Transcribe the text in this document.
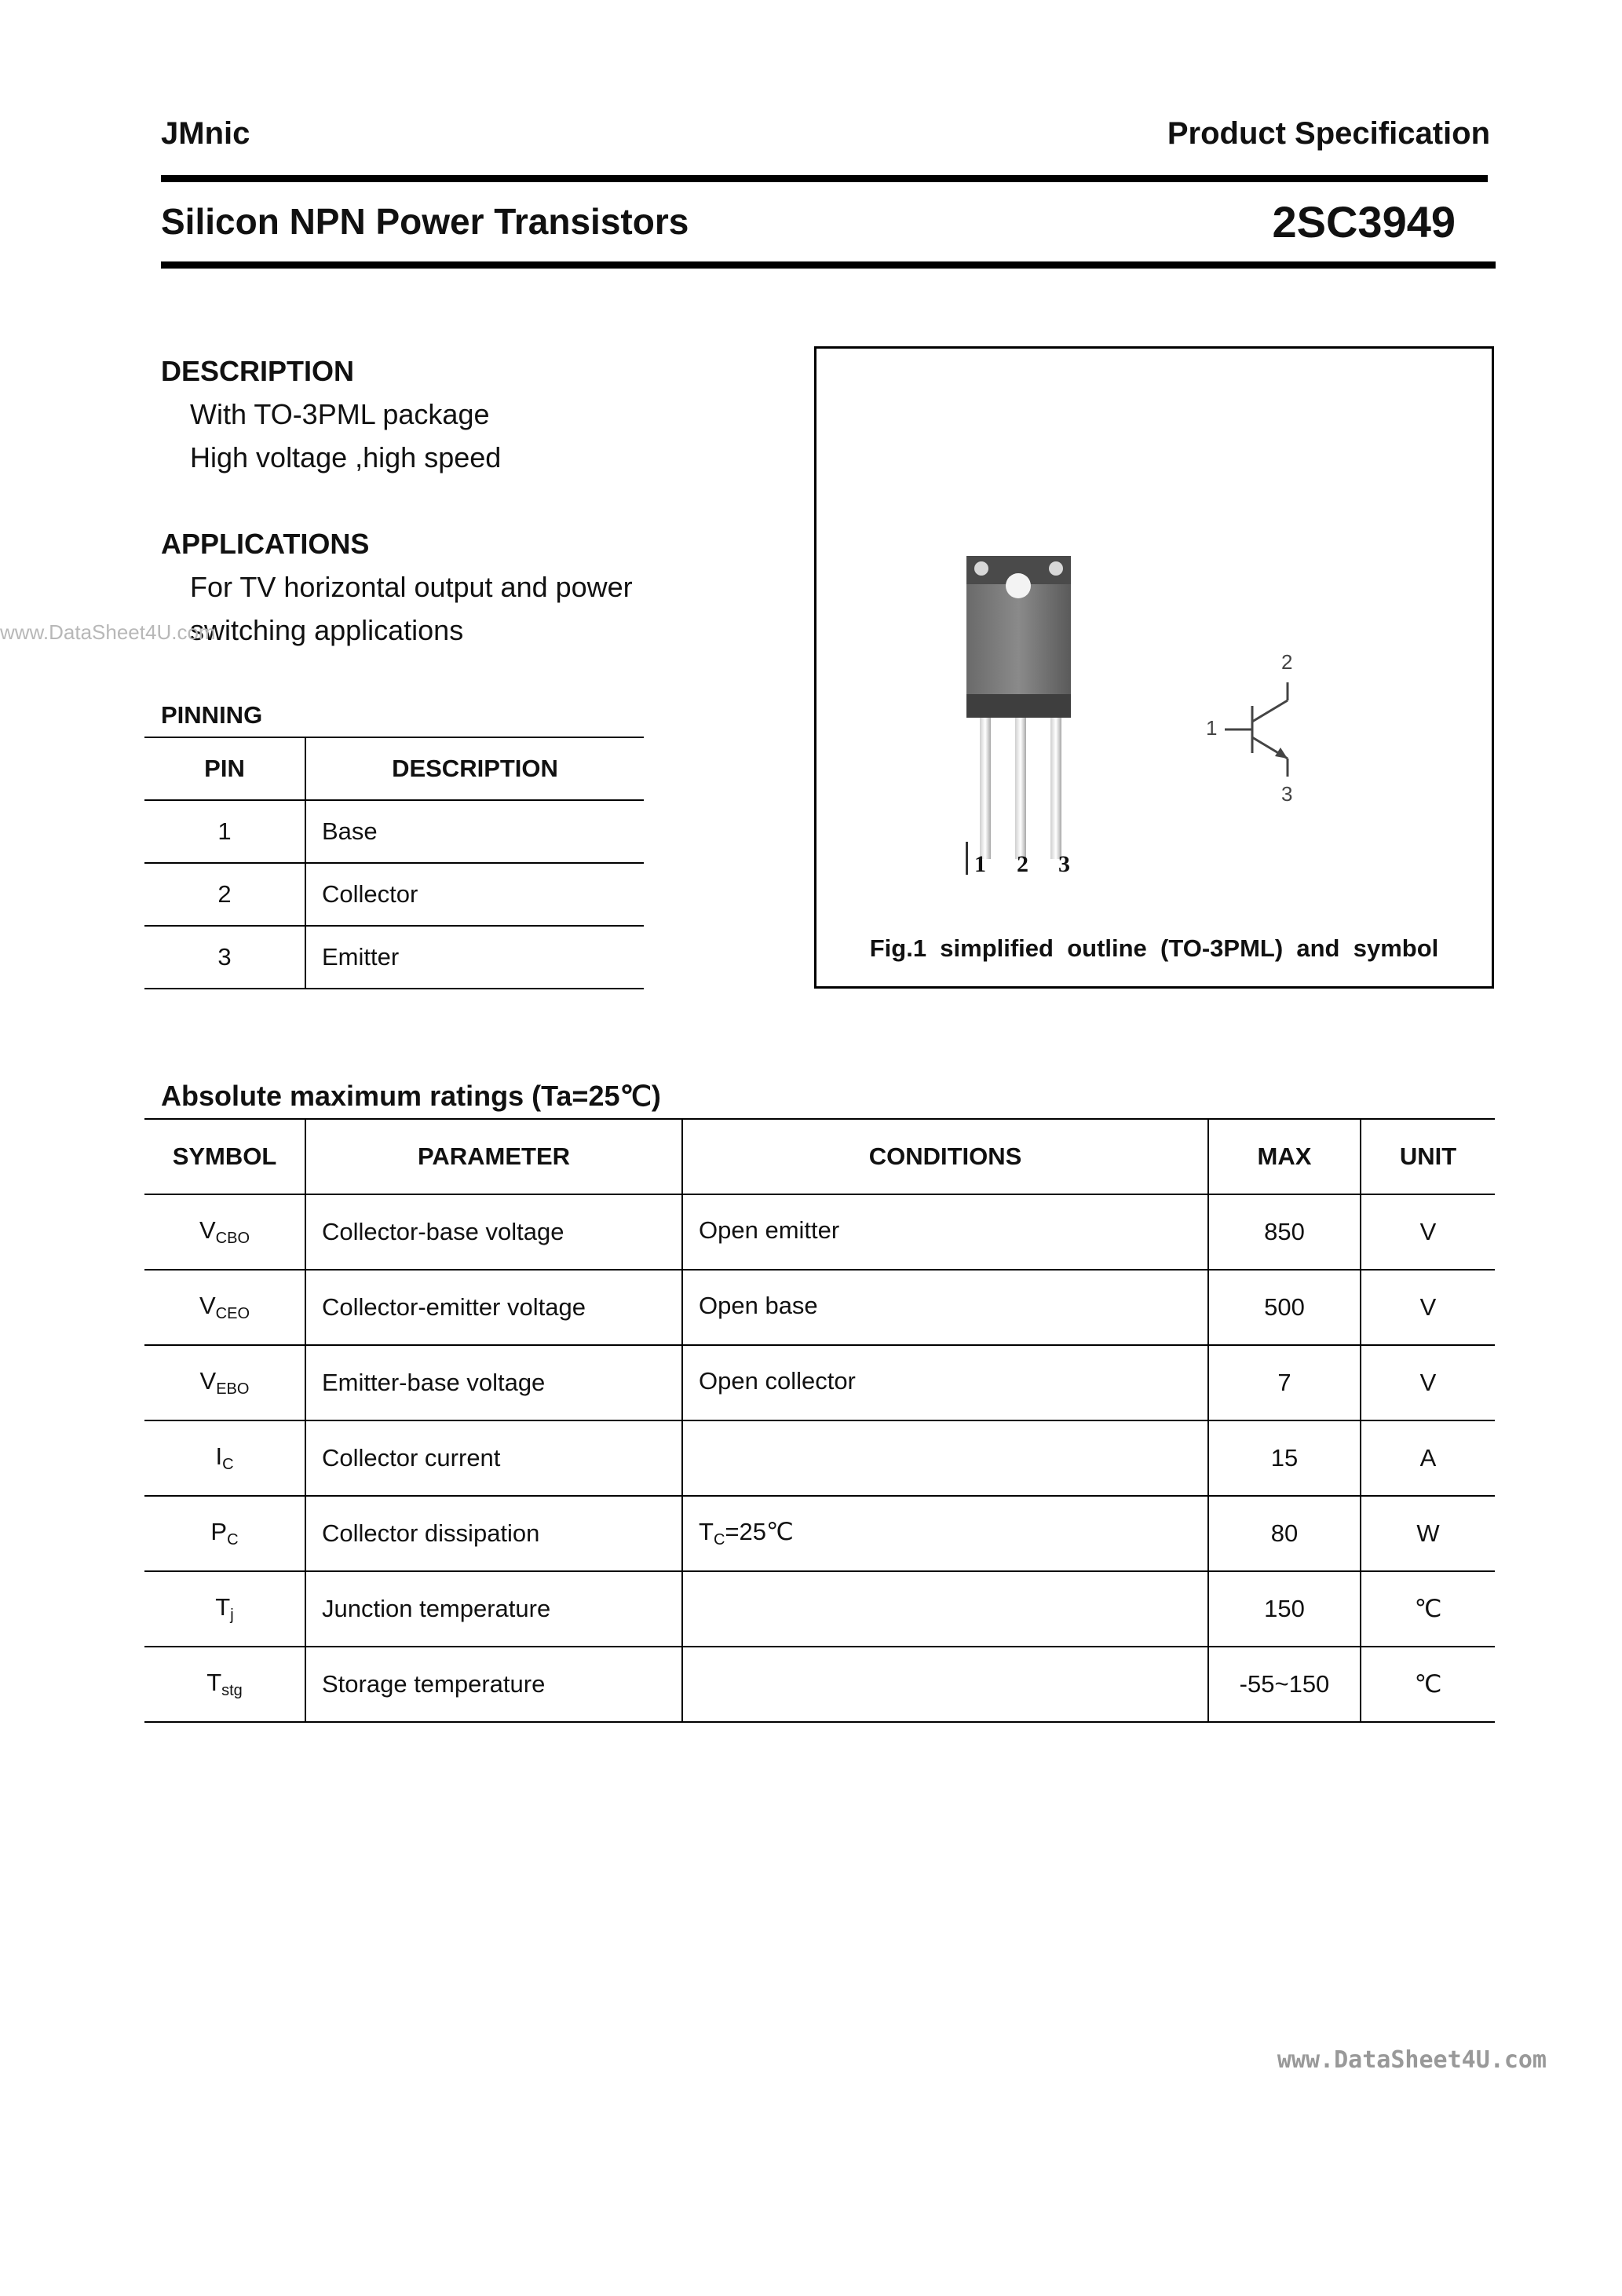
JMnic	Product Specification
Silicon NPN Power Transistors	2SC3949
DESCRIPTION
With TO-3PML package
High voltage ,high speed
APPLICATIONS
For TV horizontal output and power
switching applications
www.DataSheet4U.com
PINNING
PIN	DESCRIPTION
1	Base
2	Collector
3	Emitter
1 2 3
1
2
3
Fig.1  simplified  outline  (TO-3PML)  and  symbol
Absolute maximum ratings (Ta=25℃)
SYMBOL	PARAMETER	CONDITIONS	MAX	UNIT
VCBO	Collector-base voltage	Open emitter	850	V
VCEO	Collector-emitter voltage	Open base	500	V
VEBO	Emitter-base voltage	Open collector	7	V
IC	Collector current		15	A
PC	Collector dissipation	TC=25℃	80	W
Tj	Junction temperature		150	℃
Tstg	Storage temperature		-55~150	℃
www.DataSheet4U.com
